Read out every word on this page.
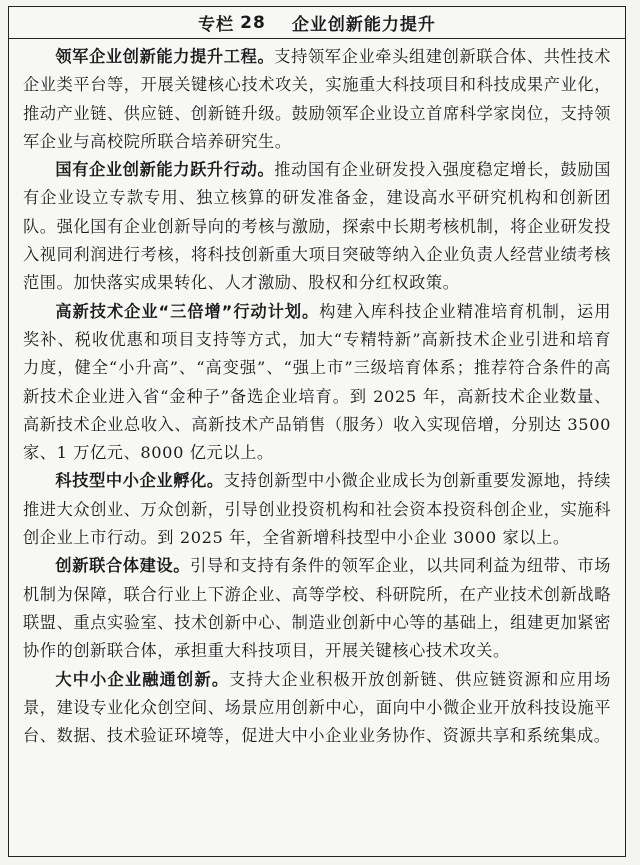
专栏 28 企业创新能力提升

领军企业创新能力提升工程。支持领军企业牵头组建创新联合体、共性技术企业类平台等，开展关键核心技术攻关，实施重大科技项目和科技成果产业化，推动产业链、供应链、创新链升级。鼓励领军企业设立首席科学家岗位，支持领军企业与高校院所联合培养研究生。

国有企业创新能力跃升行动。推动国有企业研发投入强度稳定增长，鼓励国有企业设立专款专用、独立核算的研发准备金，建设高水平研究机构和创新团队。强化国有企业创新导向的考核与激励，探索中长期考核机制，将企业研发投入视同利润进行考核，将科技创新重大项目突破等纳入企业负责人经营业绩考核范围。加快落实成果转化、人才激励、股权和分红权政策。

高新技术企业“三倍增”行动计划。构建入库科技企业精准培育机制，运用奖补、税收优惠和项目支持等方式，加大“专精特新”高新技术企业引进和培育力度，健全“小升高”、“高变强”、“强上市”三级培育体系；推荐符合条件的高新技术企业进入省“金种子”备选企业培育。到 2025 年，高新技术企业数量、高新技术企业总收入、高新技术产品销售（服务）收入实现倍增，分别达 3500 家、1 万亿元、8000 亿元以上。

科技型中小企业孵化。支持创新型中小微企业成长为创新重要发源地，持续推进大众创业、万众创新，引导创业投资机构和社会资本投资科创企业，实施科创企业上市行动。到 2025 年，全省新增科技型中小企业 3000 家以上。

创新联合体建设。引导和支持有条件的领军企业，以共同利益为纽带、市场机制为保障，联合行业上下游企业、高等学校、科研院所，在产业技术创新战略联盟、重点实验室、技术创新中心、制造业创新中心等的基础上，组建更加紧密协作的创新联合体，承担重大科技项目，开展关键核心技术攻关。

大中小企业融通创新。支持大企业积极开放创新链、供应链资源和应用场景，建设专业化众创空间、场景应用创新中心，面向中小微企业开放科技设施平台、数据、技术验证环境等，促进大中小企业业务协作、资源共享和系统集成。
